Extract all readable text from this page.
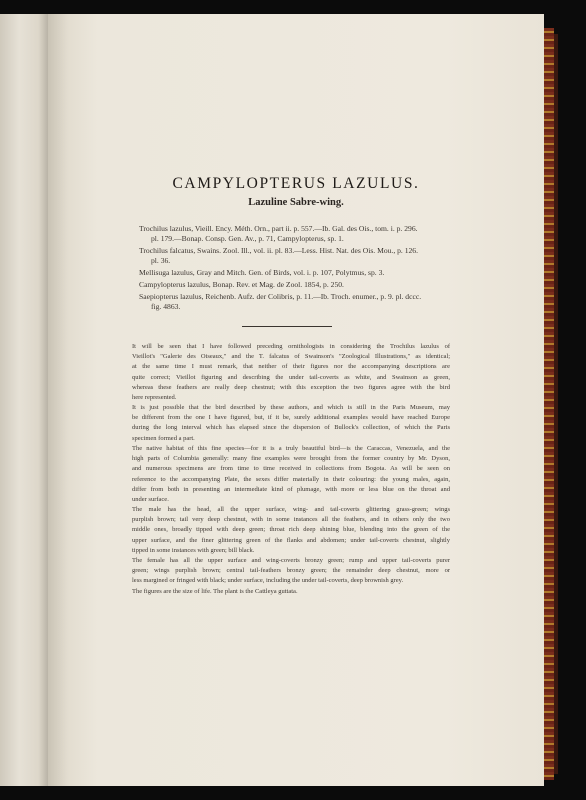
CAMPYLOPTERUS LAZULUS.
Lazuline Sabre-wing.
Trochilus lazulus, Vieill. Ency. Méth. Orn., part ii. p. 557.—Ib. Gal. des Ois., tom. i. p. 296.
pl. 179.—Bonap. Consp. Gen. Av., p. 71, Campylopterus, sp. 1.
Trochilus falcatus, Swains. Zool. Ill., vol. ii. pl. 83.—Less. Hist. Nat. des Ois. Mou., p. 126.
pl. 36.
Mellisuga lazulus, Gray and Mitch. Gen. of Birds, vol. i. p. 107, Polytmus, sp. 3.
Campylopterus lazulus, Bonap. Rev. et Mag. de Zool. 1854, p. 250.
Saepiopterus lazulus, Reichenb. Aufz. der Colibris, p. 11.—Ib. Troch. enumer., p. 9. pl. dccc.
fig. 4863.
It will be seen that I have followed preceding ornithologists in considering the Trochilus lazulus of
Vieillot's "Galerie des Oiseaux," and the T. falcatus of Swainson's "Zoological Illustrations," as identical;
at the same time I must remark, that neither of their figures nor the accompanying descriptions are
quite correct; Vieillot figuring and describing the under tail-coverts as white, and Swainson as green,
whereas these feathers are really deep chestnut; with this exception the two figures agree with the bird
here represented.
It is just possible that the bird described by these authors, and which is still in the Paris Museum, may
be different from the one I have figured, but, if it be, surely additional examples would have reached Europe
during the long interval which has elapsed since the dispersion of Bullock's collection, of which the Paris
specimen formed a part.
The native habitat of this fine species—for it is a truly beautiful bird—is the Caraccas, Venezuela, and the
high parts of Columbia generally: many fine examples were brought from the former country by Mr. Dyson,
and numerous specimens are from time to time received in collections from Bogota. As will be seen on
reference to the accompanying Plate, the sexes differ materially in their colouring: the young males, again,
differ from both in presenting an intermediate kind of plumage, with more or less blue on the throat and
under surface.
The male has the head, all the upper surface, wing- and tail-coverts glittering grass-green; wings
purplish brown; tail very deep chestnut, with in some instances all the feathers, and in others only the two
middle ones, broadly tipped with deep green; throat rich deep shining blue, blending into the green of the
upper surface, and the finer glittering green of the flanks and abdomen; under tail-coverts chestnut, slightly
tipped in some instances with green; bill black.
The female has all the upper surface and wing-coverts bronzy green; rump and upper tail-coverts purer
green; wings purplish brown; central tail-feathers bronzy green; the remainder deep chestnut, more or
less margined or fringed with black; under surface, including the under tail-coverts, deep brownish grey.
The figures are the size of life. The plant is the Cattleya guttata.
